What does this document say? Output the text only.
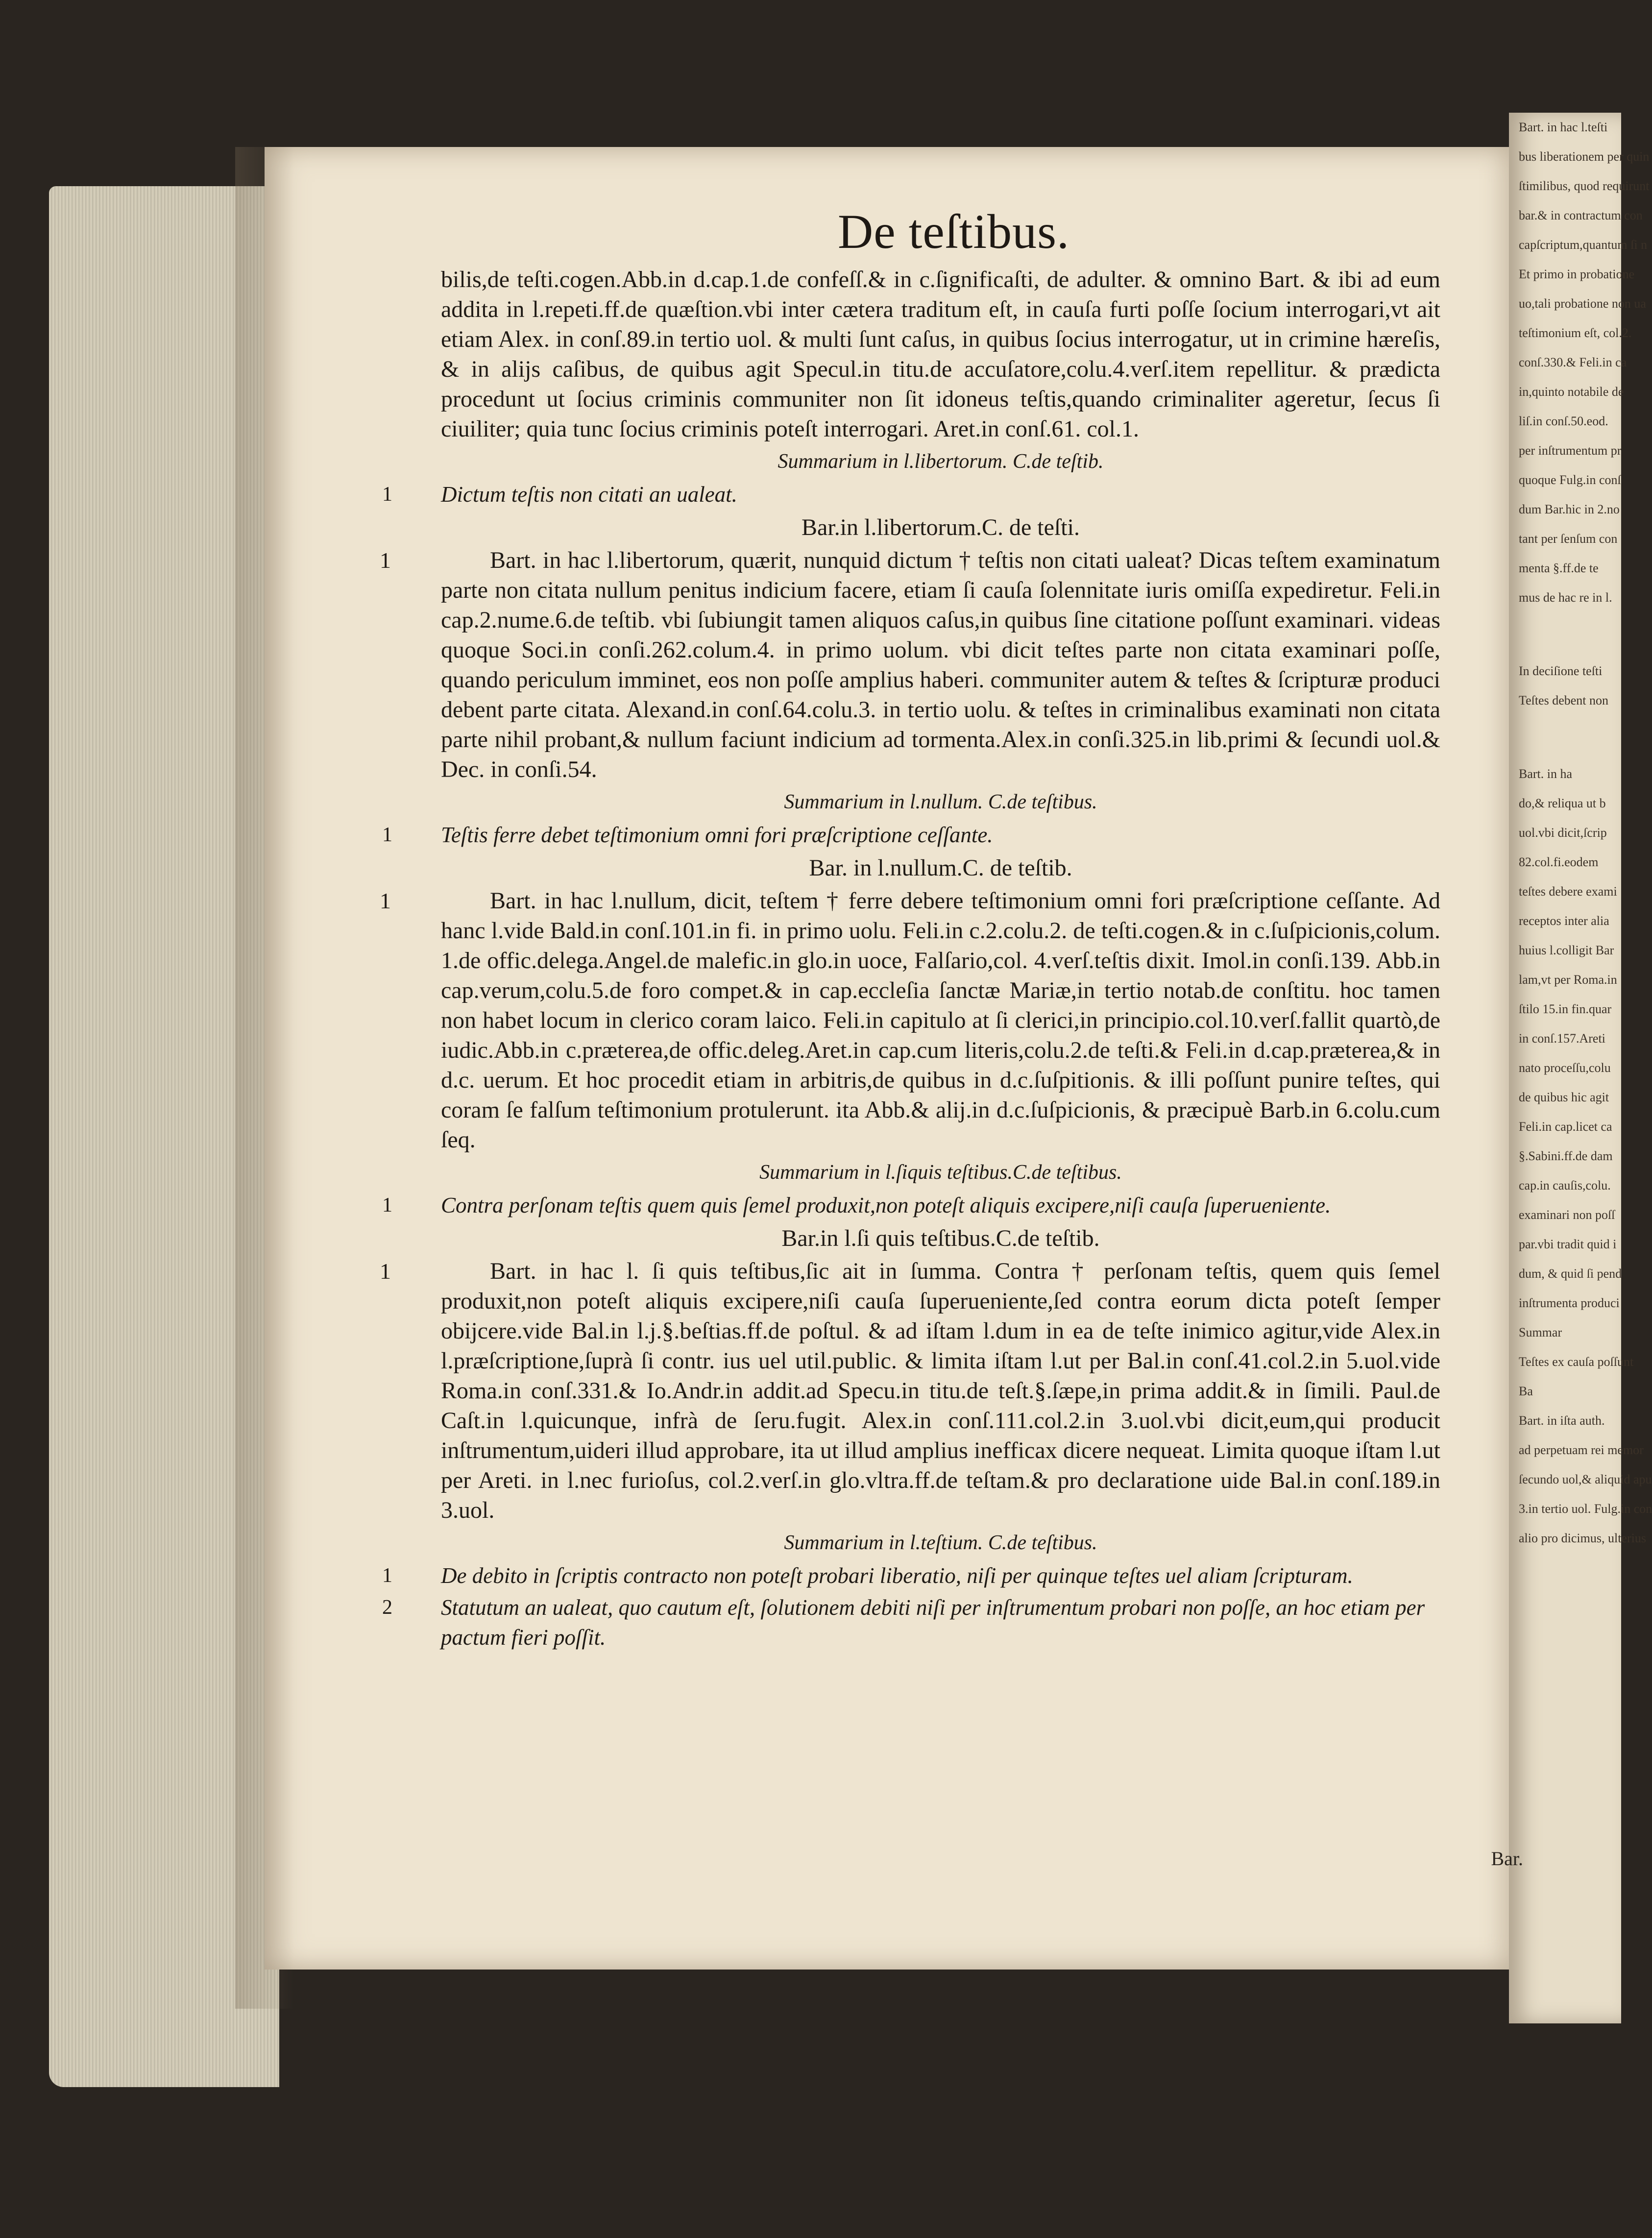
Bart. in hac l.teſti
bus liberationem per quin
ſtimilibus, quod requirunt
bar.& in contractum con
capſcriptum,quantum ſi n
Et primo in probatione
uo,tali probatione non ua
teſtimonium eſt, col.2.
conſ.330.& Feli.in ca
in,quinto notabile de
liſ.in conſ.50.eod.
per inſtrumentum pr
quoque Fulg.in conſ
dum Bar.hic in 2.no
tant per ſenſum con
menta §.ff.de te
mus de hac re in l.
In deciſione teſti
Teſtes debent non
Bart. in ha
do,& reliqua ut b
uol.vbi dicit,ſcrip
82.col.fi.eodem
teſtes debere exami
receptos inter alia
huius l.colligit Bar
lam,vt per Roma.in
ſtilo 15.in fin.quar
in conſ.157.Areti
nato proceſſu,colu
de quibus hic agit
Feli.in cap.licet ca
§.Sabini.ff.de dam
cap.in cauſis,colu.
examinari non poſſ
par.vbi tradit quid i
dum, & quid ſi pend
inſtrumenta produci
Summar
Teſtes ex cauſa poſſunt
Ba
Bart. in iſta auth.
ad perpetuam rei memor
ſecundo uol,& aliquid apu
3.in tertio uol. Fulg.in con
alio pro dicimus, ulterius
De teſtibus.

bilis,de teſti.cogen.Abb.in d.cap.1.de confeſſ.& in c.ſignificaſti, de adulter. & omnino Bart. & ibi ad eum addita in l.repeti.ff.de quæſtion.vbi inter cætera traditum eſt, in cauſa furti poſſe ſocium interrogari,vt ait etiam Alex. in conſ.89.in tertio uol. & multi ſunt caſus, in quibus ſocius interrogatur, ut in crimine hæreſis, & in alijs caſibus, de quibus agit Specul.in titu.de accuſatore,colu.4.verſ.item repellitur. & prædicta procedunt ut ſocius criminis communiter non ſit idoneus teſtis,quando criminaliter ageretur, ſecus ſi ciuiliter; quia tunc ſocius criminis poteſt interrogari. Aret.in conſ.61. col.1.

Summarium in l.libertorum. C.de teſtib.
1 Dictum teſtis non citati an ualeat.
Bar.in l.libertorum.C. de teſti.
1	Bart. in hac l.libertorum, quærit, nunquid dictum † teſtis non citati ualeat? Dicas teſtem examinatum parte non citata nullum penitus indicium facere, etiam ſi cauſa ſolennitate iuris omiſſa expediretur. Feli.in cap.2.nume.6.de teſtib. vbi ſubiungit tamen aliquos caſus,in quibus ſine citatione poſſunt examinari. videas quoque Soci.in conſi.262.colum.4. in primo uolum. vbi dicit teſtes parte non citata examinari poſſe, quando periculum imminet, eos non poſſe amplius haberi. communiter autem & teſtes & ſcripturæ produci debent parte citata. Alexand.in conſ.64.colu.3. in tertio uolu. & teſtes in criminalibus examinati non citata parte nihil probant,& nullum faciunt indicium ad tormenta.Alex.in conſi.325.in lib.primi & ſecundi uol.& Dec. in conſi.54.

Summarium in l.nullum. C.de teſtibus.
1 Teſtis ferre debet teſtimonium omni fori præſcriptione ceſſante.
Bar. in l.nullum.C. de teſtib.
1	Bart. in hac l.nullum, dicit, teſtem † ferre debere teſtimonium omni fori præſcriptione ceſſante. Ad hanc l.vide Bald.in conſ.101.in fi. in primo uolu. Feli.in c.2.colu.2. de teſti.cogen.& in c.ſuſpicionis,colum. 1.de offic.delega.Angel.de malefic.in glo.in uoce, Falſario,col. 4.verſ.teſtis dixit. Imol.in conſi.139. Abb.in cap.verum,colu.5.de foro compet.& in cap.eccleſia ſanctæ Mariæ,in tertio notab.de conſtitu. hoc tamen non habet locum in clerico coram laico. Feli.in capitulo at ſi clerici,in principio.col.10.verſ.fallit quartò,de iudic.Abb.in c.præterea,de offic.deleg.Aret.in cap.cum literis,colu.2.de teſti.& Feli.in d.cap.præterea,& in d.c. uerum. Et hoc procedit etiam in arbitris,de quibus in d.c.ſuſpitionis. & illi poſſunt punire teſtes, qui coram ſe falſum teſtimonium protulerunt. ita Abb.& alij.in d.c.ſuſpicionis, & præcipuè Barb.in 6.colu.cum ſeq.

Summarium in l.ſiquis teſtibus.C.de teſtibus.
1 Contra perſonam teſtis quem quis ſemel produxit,non poteſt aliquis excipere,niſi cauſa ſuperueniente.
Bar.in l.ſi quis teſtibus.C.de teſtib.
1	Bart. in hac l. ſi quis teſtibus,ſic ait in ſumma. Contra † perſonam teſtis, quem quis ſemel produxit,non poteſt aliquis excipere,niſi cauſa ſuperueniente,ſed contra eorum dicta poteſt ſemper obijcere.vide Bal.in l.j.§.beſtias.ff.de poſtul. & ad iſtam l.dum in ea de teſte inimico agitur,vide Alex.in l.præſcriptione,ſuprà ſi contr. ius uel util.public. & limita iſtam l.ut per Bal.in conſ.41.col.2.in 5.uol.vide Roma.in conſ.331.& Io.Andr.in addit.ad Specu.in titu.de teſt.§.ſæpe,in prima addit.& in ſimili. Paul.de Caſt.in l.quicunque, infrà de ſeru.fugit. Alex.in conſ.111.col.2.in 3.uol.vbi dicit,eum,qui producit inſtrumentum,uideri illud approbare, ita ut illud amplius inefficax dicere nequeat. Limita quoque iſtam l.ut per Areti. in l.nec furioſus, col.2.verſ.in glo.vltra.ff.de teſtam.& pro declaratione uide Bal.in conſ.189.in 3.uol.

Summarium in l.teſtium. C.de teſtibus.
1 De debito in ſcriptis contracto non poteſt probari liberatio, niſi per quinque teſtes uel aliam ſcripturam.
2 Statutum an ualeat, quo cautum eſt, ſolutionem debiti niſi per inſtrumentum probari non poſſe, an hoc etiam per pactum fieri poſſit.
Bar.
